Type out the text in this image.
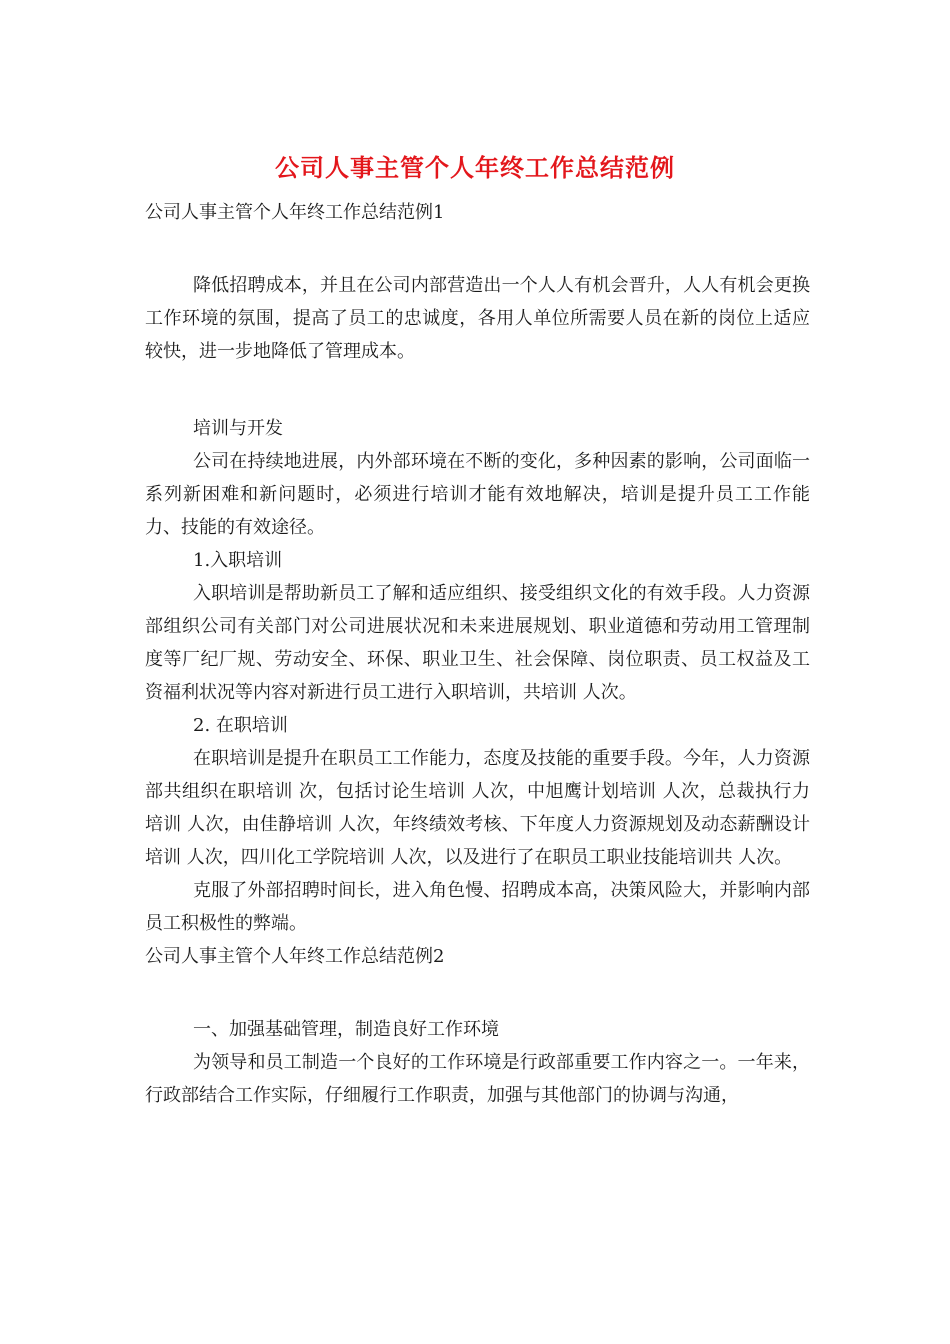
公司人事主管个人年终工作总结范例

公司人事主管个人年终工作总结范例1

降低招聘成本，并且在公司内部营造出一个人人有机会晋升，人人有机会更换工作环境的氛围，提高了员工的忠诚度，各用人单位所需要人员在新的岗位上适应较快，进一步地降低了管理成本。

培训与开发

公司在持续地进展，内外部环境在不断的变化，多种因素的影响，公司面临一系列新困难和新问题时，必须进行培训才能有效地解决，培训是提升员工工作能力、技能的有效途径。

1.入职培训

入职培训是帮助新员工了解和适应组织、接受组织文化的有效手段。人力资源部组织公司有关部门对公司进展状况和未来进展规划、职业道德和劳动用工管理制度等厂纪厂规、劳动安全、环保、职业卫生、社会保障、岗位职责、员工权益及工资福利状况等内容对新进行员工进行入职培训，共培训 人次。

2. 在职培训

在职培训是提升在职员工工作能力，态度及技能的重要手段。今年，人力资源部共组织在职培训 次，包括讨论生培训 人次，中旭鹰计划培训 人次，总裁执行力培训 人次，由佳静培训 人次，年终绩效考核、下年度人力资源规划及动态薪酬设计培训 人次，四川化工学院培训 人次，以及进行了在职员工职业技能培训共 人次。

克服了外部招聘时间长，进入角色慢、招聘成本高，决策风险大，并影响内部员工积极性的弊端。

公司人事主管个人年终工作总结范例2

一、加强基础管理，制造良好工作环境

为领导和员工制造一个良好的工作环境是行政部重要工作内容之一。一年来，行政部结合工作实际，仔细履行工作职责，加强与其他部门的协调与沟通，
